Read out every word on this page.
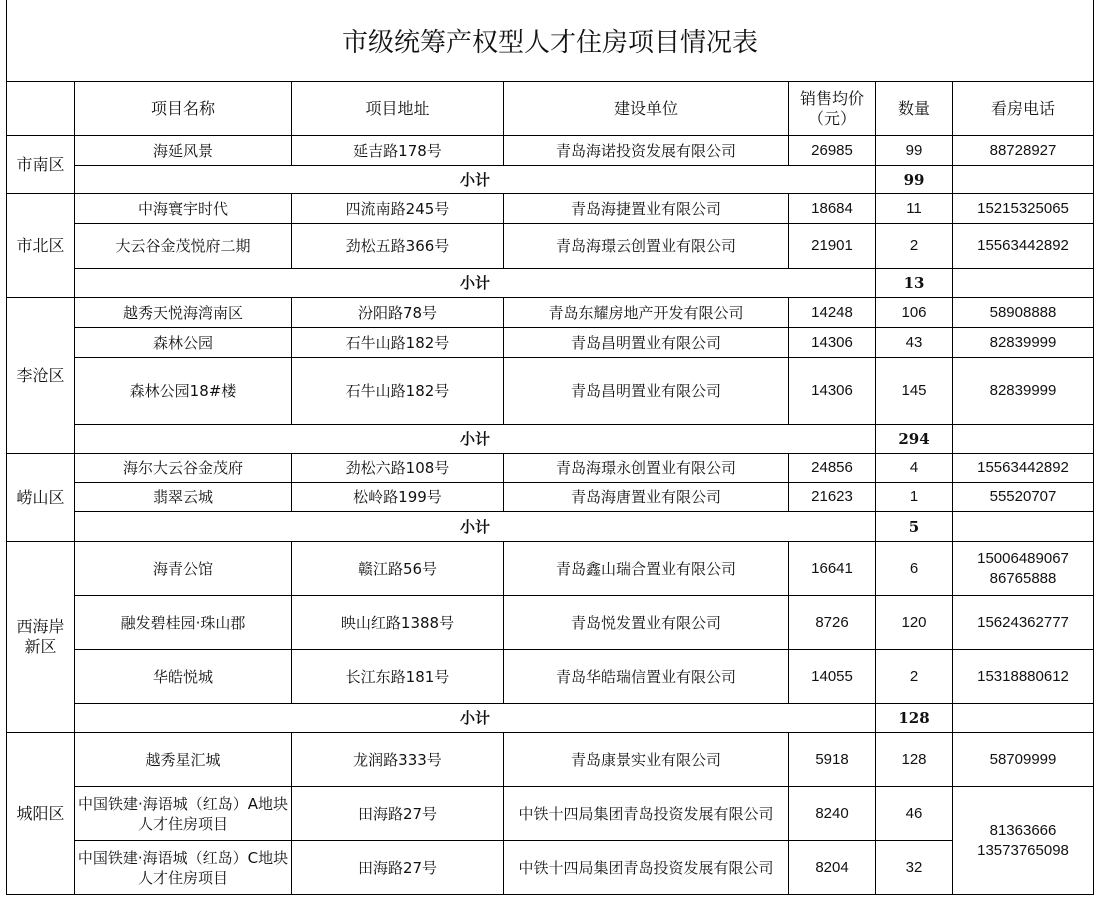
市级统筹产权型人才住房项目情况表
	项目名称	项目地址	建设单位	销售均价（元）	数量	看房电话
市南区	海延风景	延吉路178号	青岛海诺投资发展有限公司	26985	99	88728927
	小计				99	
市北区	中海寰宇时代	四流南路245号	青岛海捷置业有限公司	18684	11	15215325065
	大云谷金茂悦府二期	劲松五路366号	青岛海璟云创置业有限公司	21901	2	15563442892
	小计				13	
李沧区	越秀天悦海湾南区	汾阳路78号	青岛东耀房地产开发有限公司	14248	106	58908888
	森林公园	石牛山路182号	青岛昌明置业有限公司	14306	43	82839999
	森林公园18#楼	石牛山路182号	青岛昌明置业有限公司	14306	145	82839999
	小计				294	
崂山区	海尔大云谷金茂府	劲松六路108号	青岛海璟永创置业有限公司	24856	4	15563442892
	翡翠云城	松岭路199号	青岛海唐置业有限公司	21623	1	55520707
	小计				5	

西海岸新区	海青公馆	赣江路56号	青岛鑫山瑞合置业有限公司	16641	6	15006489067 86765888

	融发碧桂园·珠山郡	映山红路1388号	青岛悦发置业有限公司	8726	120	15624362777
	华皓悦城	长江东路181号	青岛华皓瑞信置业有限公司	14055	2	15318880612
	小计				128	
城阳区	越秀星汇城	龙润路333号	青岛康景实业有限公司	5918	128	58709999
	中国铁建·海语城（红岛）A地块人才住房项目	田海路27号	中铁十四局集团青岛投资发展有限公司	8240	46	81363666 13573765098

	中国铁建·海语城（红岛）C地块人才住房项目	田海路27号	中铁十四局集团青岛投资发展有限公司	8204	32	
